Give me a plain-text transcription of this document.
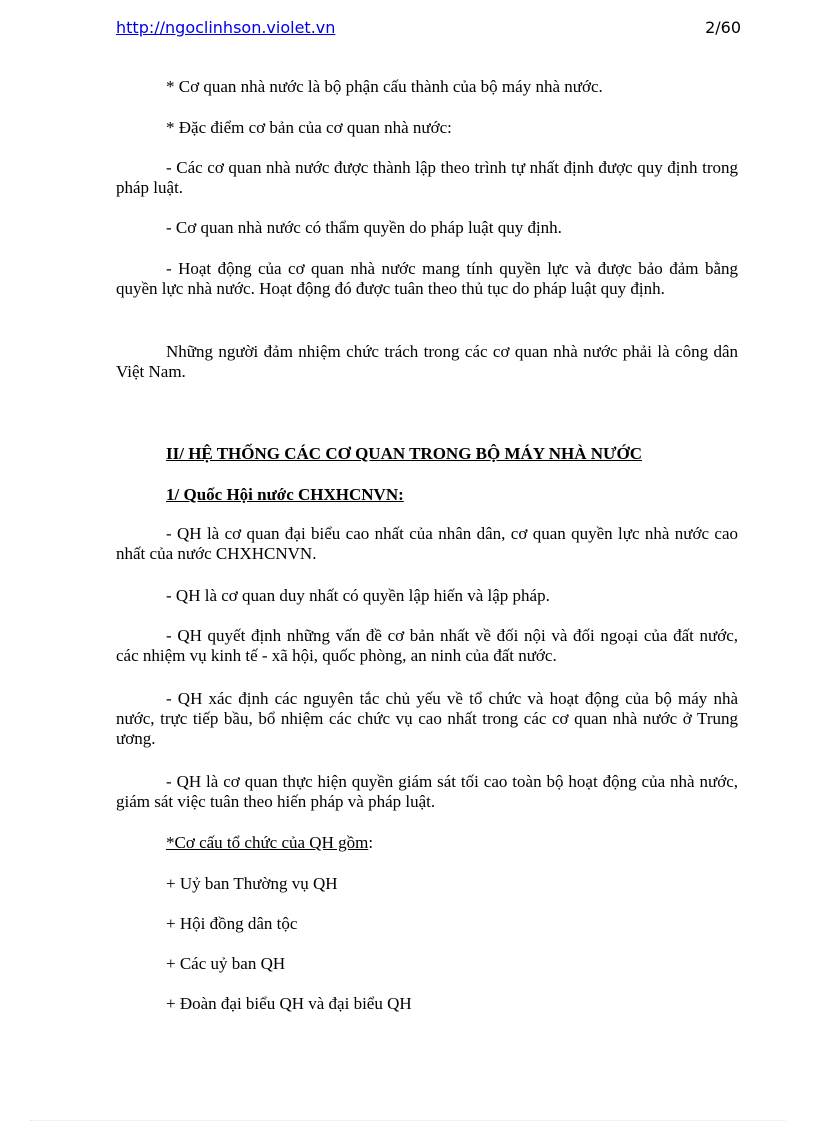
http://ngoclinhson.violet.vn	2/60

* Cơ quan nhà nước là bộ phận cấu thành của bộ máy nhà nước.

* Đặc điểm cơ bản của cơ quan nhà nước:

- Các cơ quan nhà nước được thành lập theo trình tự nhất định được quy định trong pháp luật.

- Cơ quan nhà nước có thẩm quyền do pháp luật quy định.

- Hoạt động của cơ quan nhà nước mang tính quyền lực và được bảo đảm bằng quyền lực nhà nước. Hoạt động đó được tuân theo thủ tục do pháp luật quy định.

Những người đảm nhiệm chức trách trong các cơ quan nhà nước phải là công dân Việt Nam.

II/ HỆ THỐNG CÁC CƠ QUAN TRONG BỘ MÁY NHÀ NƯỚC

1/ Quốc Hội nước CHXHCNVN:

- QH là cơ quan đại biểu cao nhất của nhân dân, cơ quan quyền lực nhà nước cao nhất của nước CHXHCNVN.

- QH là cơ quan duy nhất có quyền lập hiến và lập pháp.

- QH quyết định những vấn đề cơ bản nhất về đối nội và đối ngoại của đất nước, các nhiệm vụ kinh tế - xã hội, quốc phòng, an ninh của đất nước.

- QH xác định các nguyên tắc chủ yếu về tổ chức và hoạt động của bộ máy nhà nước, trực tiếp bầu, bổ nhiệm các chức vụ cao nhất trong các cơ quan nhà nước ở Trung ương.

- QH là cơ quan thực hiện quyền giám sát tối cao toàn bộ hoạt động của nhà nước, giám sát việc tuân theo hiến pháp và pháp luật.

*Cơ cấu tổ chức của QH gồm:

+ Uỷ ban Thường vụ QH

+ Hội đồng dân tộc

+ Các uỷ ban QH

+ Đoàn đại biểu QH và đại biểu QH
